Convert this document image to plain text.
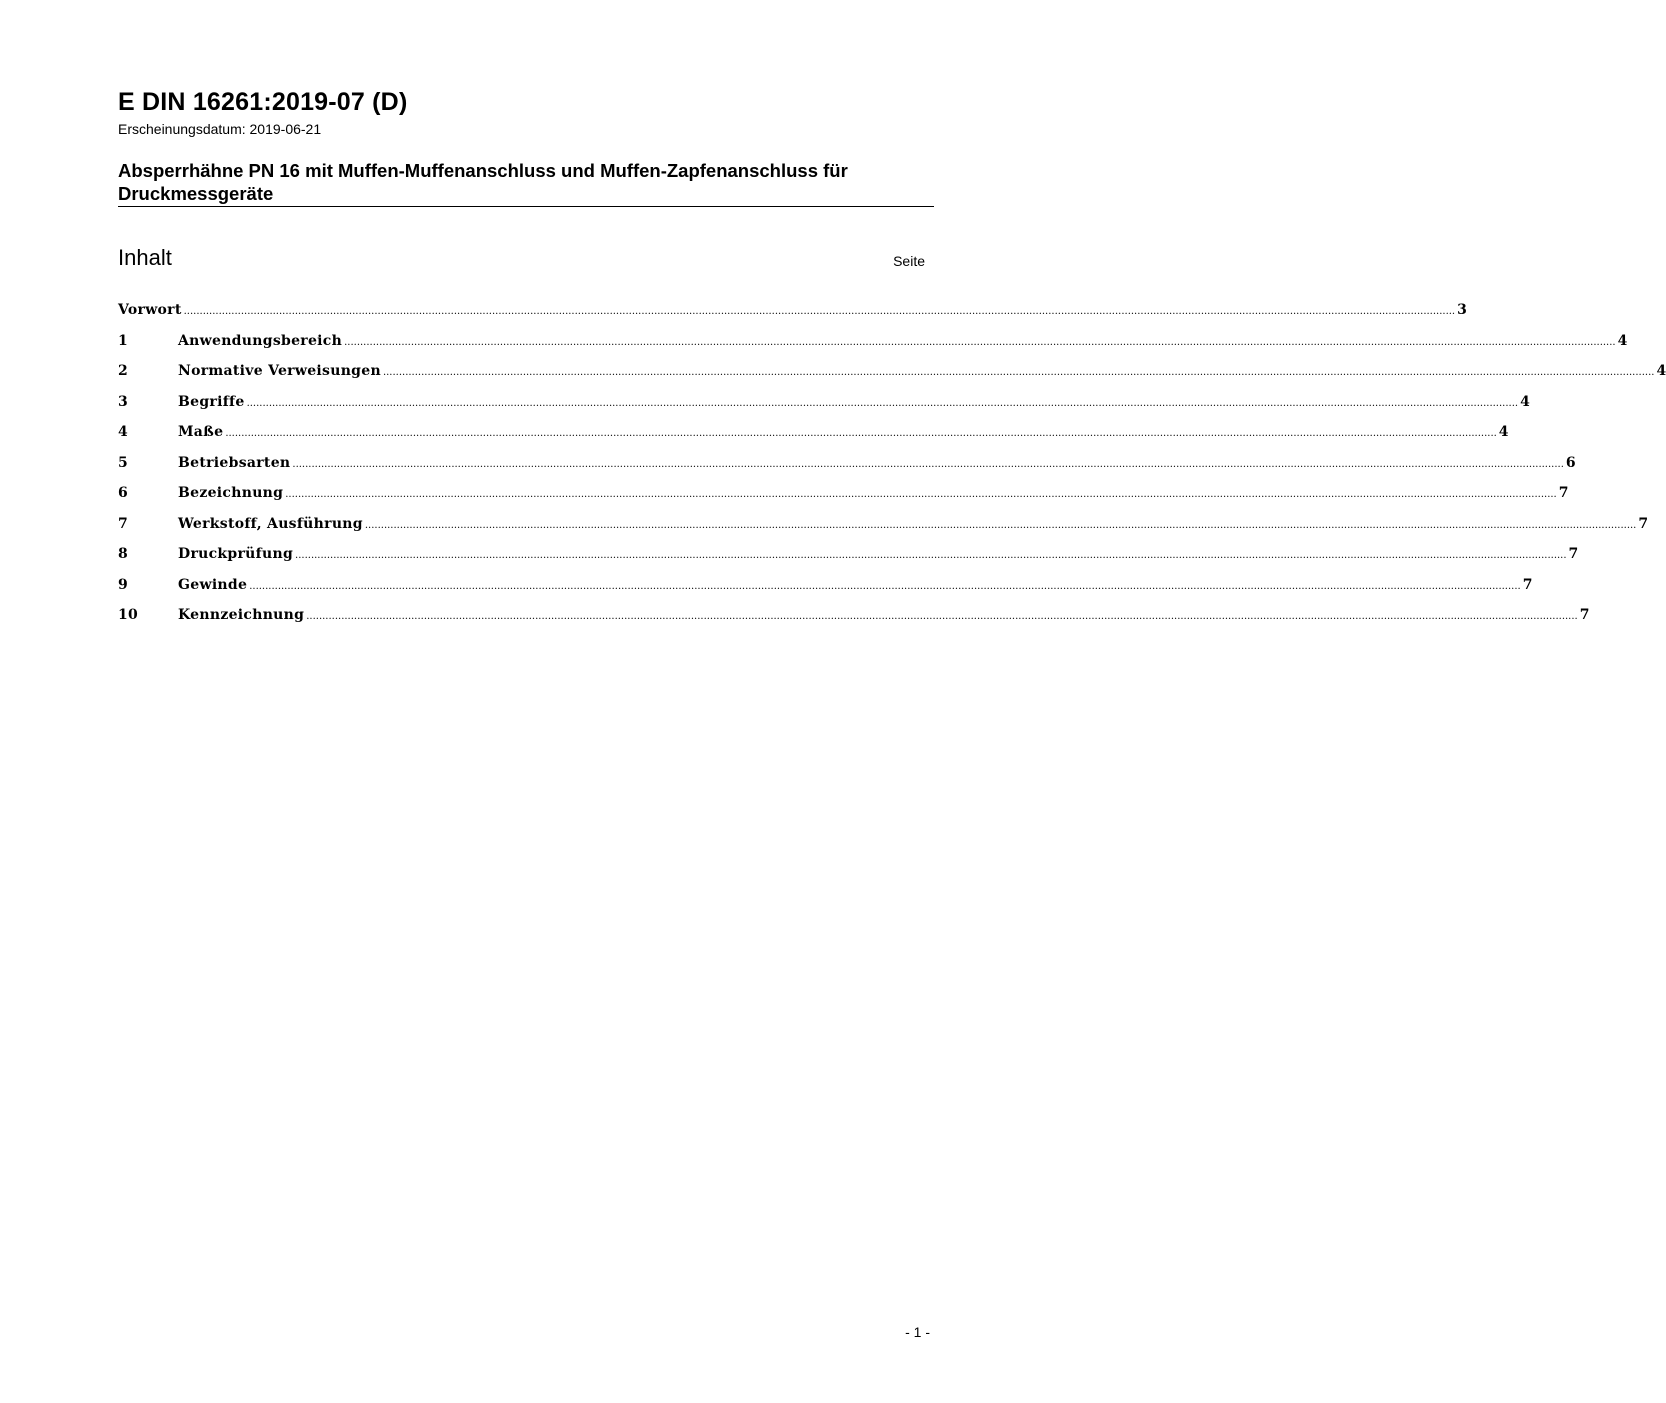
E DIN 16261:2019-07 (D)
Erscheinungsdatum: 2019-06-21
Absperrhähne PN 16 mit Muffen-Muffenanschluss und Muffen-Zapfenanschluss für Druckmessgeräte
Inhalt	Seite
Vorwort ................................................................................................................................................................................................................................................................................................................................................................................................................ 3
1	Anwendungsbereich ................................................................................................................................................................................................................................................................................................................................................................................................................ 4
2	Normative Verweisungen ................................................................................................................................................................................................................................................................................................................................................................................................................ 4
3	Begriffe ................................................................................................................................................................................................................................................................................................................................................................................................................ 4
4	Maße ................................................................................................................................................................................................................................................................................................................................................................................................................ 4
5	Betriebsarten ................................................................................................................................................................................................................................................................................................................................................................................................................ 6
6	Bezeichnung ................................................................................................................................................................................................................................................................................................................................................................................................................ 7
7	Werkstoff, Ausführung ................................................................................................................................................................................................................................................................................................................................................................................................................ 7
8	Druckprüfung ................................................................................................................................................................................................................................................................................................................................................................................................................ 7
9	Gewinde ................................................................................................................................................................................................................................................................................................................................................................................................................ 7
10	Kennzeichnung ................................................................................................................................................................................................................................................................................................................................................................................................................ 7
- 1 -
